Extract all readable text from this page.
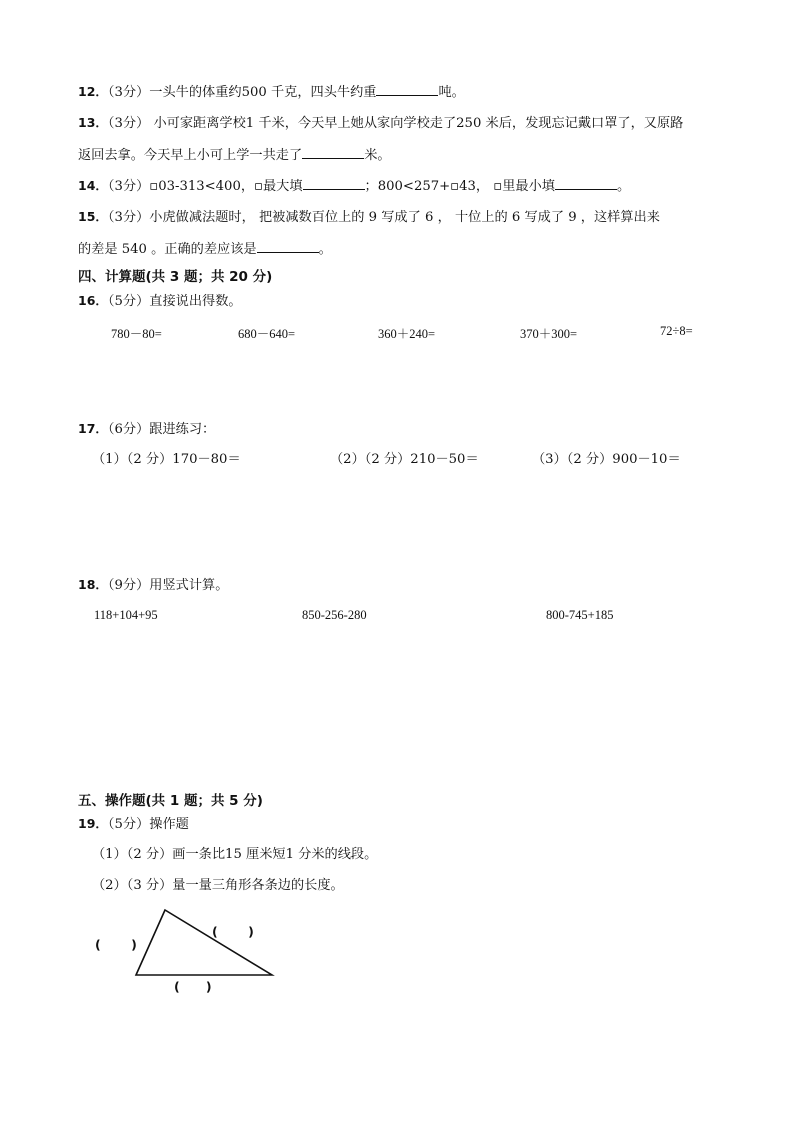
12．（3分）一头牛的体重约500 千克，四头牛约重	吨。
13．（3分） 小可家距离学校1 千米，今天早上她从家向学校走了250 米后，发现忘记戴口罩了，又原路
返回去拿。今天早上小可上学一共走了	米。
14．（3分）▫03-313<400，▫最大填	；800<257+▫43， ▫里最小填	。
15．（3分）小虎做减法题时， 把被减数百位上的 9 写成了 6 ， 十位上的 6 写成了 9 ，这样算出来
的差是 540 。正确的差应该是	。
四、计算题(共 3 题；共 20 分)
16．（5分）直接说出得数。
780－80=	680－640=	360＋240=	370＋300=	72÷8=
17．（6分）跟进练习：
（1）（2 分）170－80＝	（2）（2 分）210－50＝	（3）（2 分）900－10＝
18．（9分）用竖式计算。
118+104+95	850-256-280	800-745+185
五、操作题(共 1 题；共 5 分)
19．（5分）操作题
（1）（2 分）画一条比15 厘米短1 分米的线段。
（2）（3 分）量一量三角形各条边的长度。
(       )
(       )
(      )
